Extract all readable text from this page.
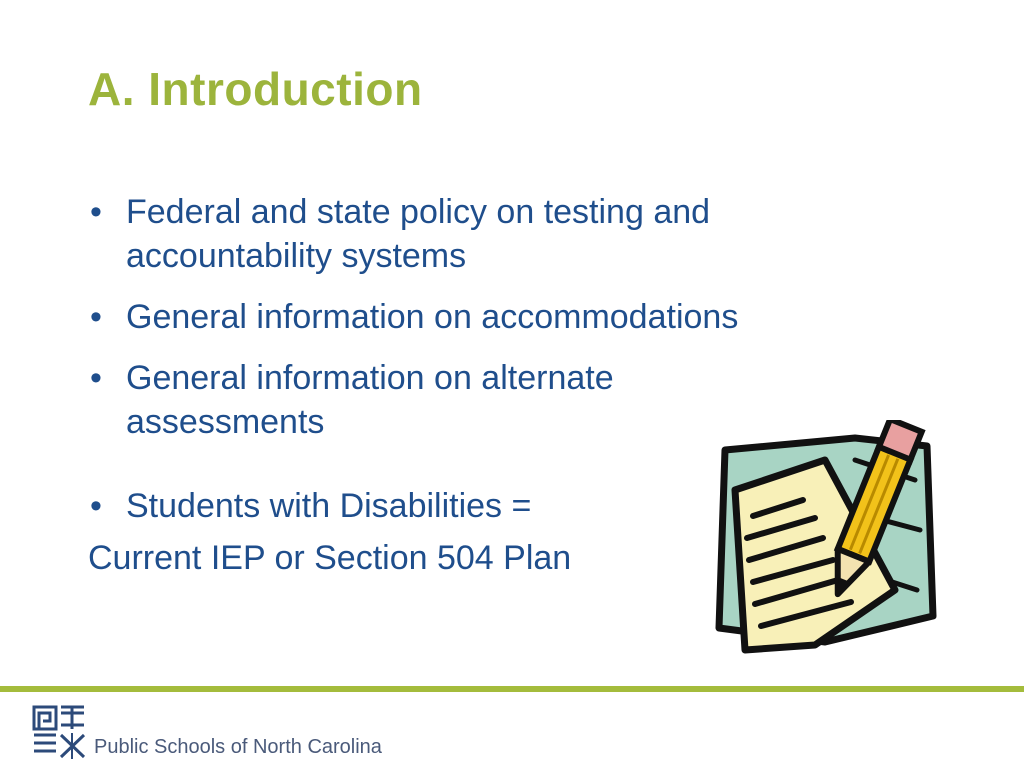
A. Introduction
• Federal and state policy on testing and accountability systems
• General information on accommodations
• General information on alternate assessments
• Students with Disabilities =
Current IEP or Section 504 Plan
Public Schools of North Carolina
